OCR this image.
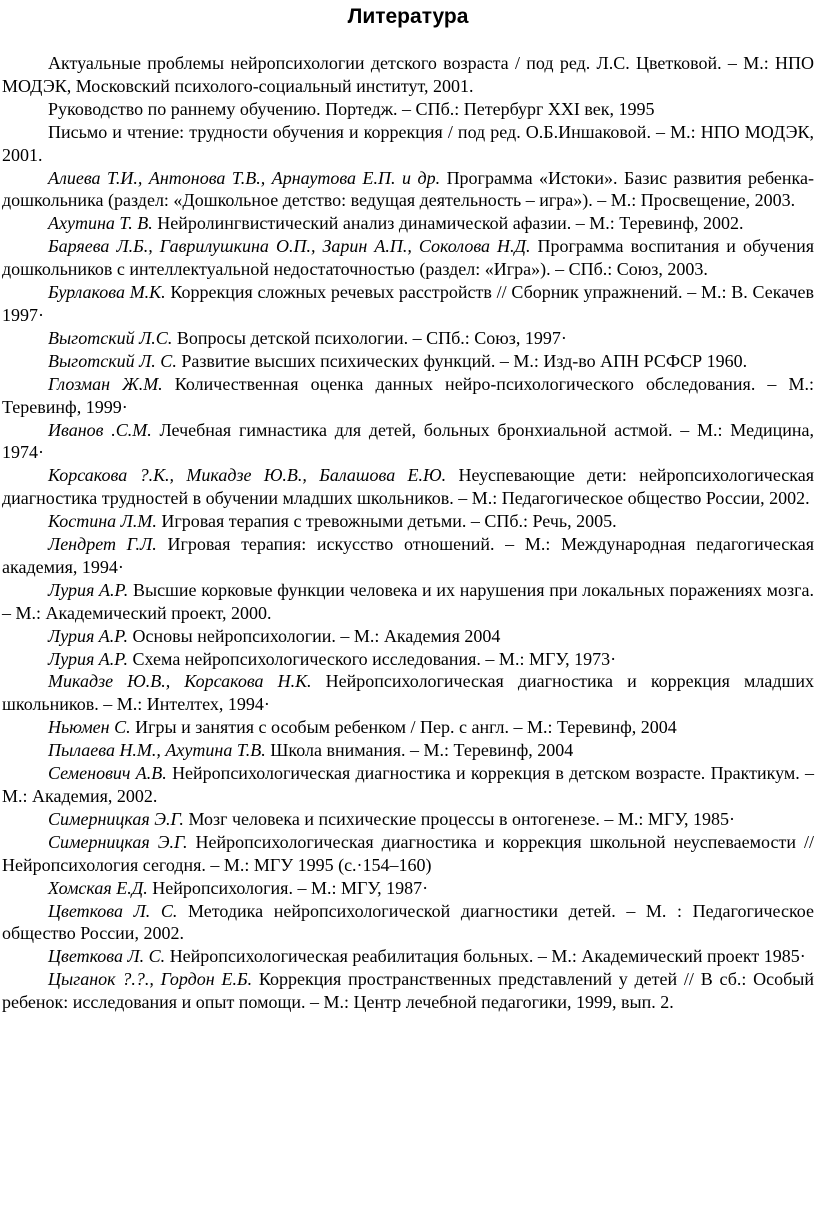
Литература

Актуальные проблемы нейропсихологии детского возраста / под ред. Л.С. Цветковой. – М.: НПО МОДЭК, Московский психолого-социальный институт, 2001.

Руководство по раннему обучению. Портедж. – СПб.: Петербург XXI век, 1995

Письмо и чтение: трудности обучения и коррекция / под ред. О.Б.Иншаковой. – М.: НПО МОДЭК, 2001.

Алиева Т.И., Антонова Т.В., Арнаутова Е.П. и др. Программа «Истоки». Базис развития ребенка-дошкольника (раздел: «Дошкольное детство: ведущая деятельность – игра»). – М.: Просвещение, 2003.

Ахутина Т. В. Нейролингвистический анализ динамической афазии. – М.: Теревинф, 2002.

Баряева Л.Б., Гаврилушкина О.П., Зарин А.П., Соколова Н.Д. Программа воспитания и обучения дошкольников с интеллектуальной недостаточностью (раздел: «Игра»). – СПб.: Союз, 2003.

Бурлакова М.К. Коррекция сложных речевых расстройств // Сборник упражнений. – М.: В. Секачев 1997·

Выготский Л.С. Вопросы детской психологии. – СПб.: Союз, 1997·

Выготский Л. С. Развитие высших психических функций. – М.: Изд-во АПН РСФСР 1960.

Глозман Ж.М. Количественная оценка данных нейро-психологического обследования. – М.: Теревинф, 1999·

Иванов .С.М. Лечебная гимнастика для детей, больных бронхиальной астмой. – М.: Медицина, 1974·

Корсакова ?.К., Микадзе Ю.В., Балашова Е.Ю. Неуспевающие дети: нейропсихологическая диагностика трудностей в обучении младших школьников. – М.: Педагогическое общество России, 2002.

Костина Л.М. Игровая терапия с тревожными детьми. – СПб.: Речь, 2005.

Лендрет Г.Л. Игровая терапия: искусство отношений. – М.: Международная педагогическая академия, 1994·

Лурия А.Р. Высшие корковые функции человека и их нарушения при локальных поражениях мозга. – М.: Академический проект, 2000.

Лурия А.Р. Основы нейропсихологии. – М.: Академия 2004

Лурия А.Р. Схема нейропсихологического исследования. – М.: МГУ, 1973·

Микадзе Ю.В., Корсакова Н.К. Нейропсихологическая диагностика и коррекция младших школьников. – М.: Интелтех, 1994·

Ньюмен С. Игры и занятия с особым ребенком / Пер. с англ. – М.: Теревинф, 2004

Пылаева Н.М., Ахутина Т.В. Школа внимания. – М.: Теревинф, 2004

Семенович А.В. Нейропсихологическая диагностика и коррекция в детском возрасте. Практикум. – М.: Академия, 2002.

Симерницкая Э.Г. Мозг человека и психические процессы в онтогенезе. – М.: МГУ, 1985·

Симерницкая Э.Г. Нейропсихологическая диагностика и коррекция школьной неуспеваемости // Нейропсихология сегодня. – М.: МГУ 1995 (с.·154–160)

Хомская Е.Д. Нейропсихология. – М.: МГУ, 1987·

Цветкова Л. С. Методика нейропсихологической диагностики детей. – М. : Педагогическое общество России, 2002.

Цветкова Л. С. Нейропсихологическая реабилитация больных. – М.: Академический проект 1985·

Цыганок ?.?., Гордон Е.Б. Коррекция пространственных представлений у детей // В сб.: Особый ребенок: исследования и опыт помощи. – М.: Центр лечебной педагогики, 1999, вып. 2.
